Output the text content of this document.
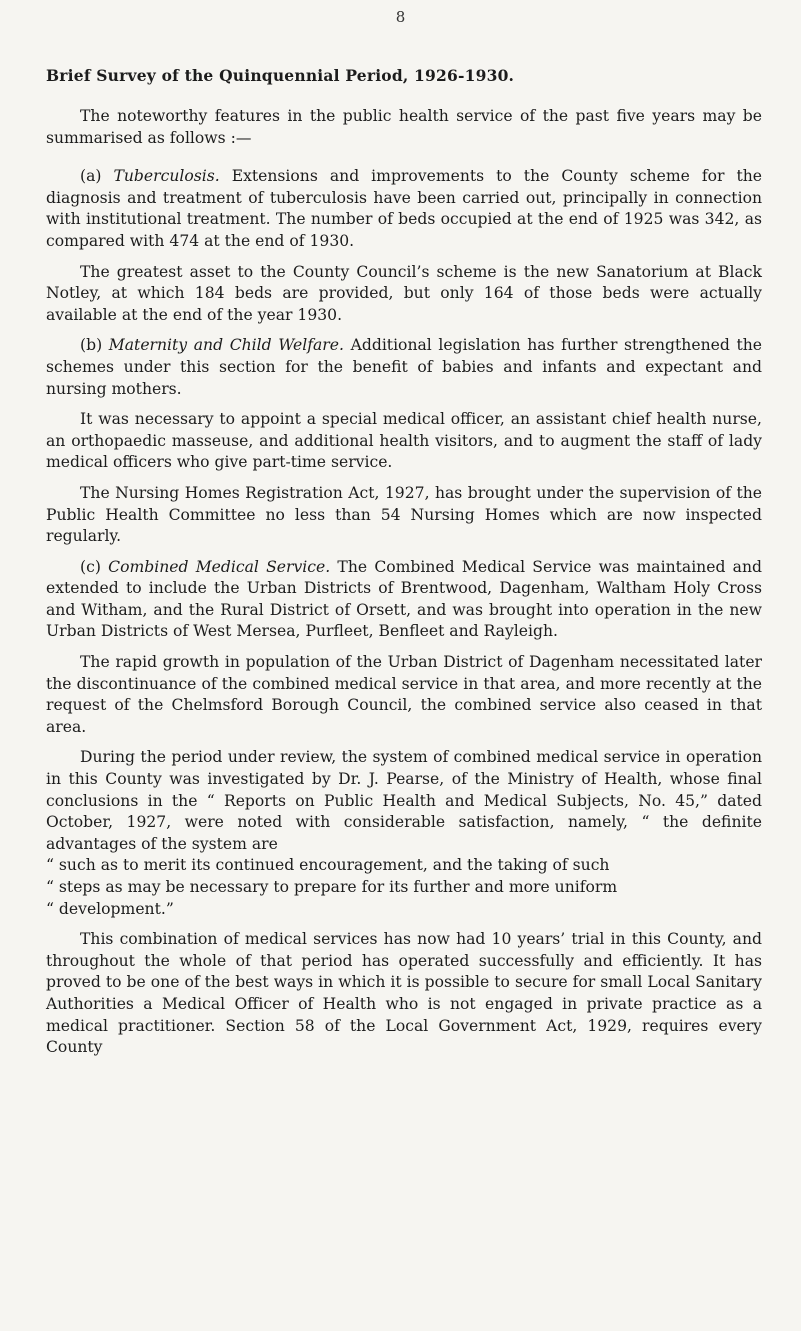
8
Brief Survey of the Quinquennial Period, 1926-1930.

The noteworthy features in the public health service of the past five years may be summarised as follows :—

(a) Tuberculosis. Extensions and improvements to the County scheme for the diagnosis and treatment of tuberculosis have been carried out, principally in connection with institutional treatment. The number of beds occupied at the end of 1925 was 342, as compared with 474 at the end of 1930.

The greatest asset to the County Council’s scheme is the new Sanatorium at Black Notley, at which 184 beds are provided, but only 164 of those beds were actually available at the end of the year 1930.

(b) Maternity and Child Welfare. Additional legislation has further strengthened the schemes under this section for the benefit of babies and infants and expectant and nursing mothers.

It was necessary to appoint a special medical officer, an assistant chief health nurse, an orthopaedic masseuse, and additional health visitors, and to augment the staff of lady medical officers who give part-time service.

The Nursing Homes Registration Act, 1927, has brought under the supervision of the Public Health Committee no less than 54 Nursing Homes which are now inspected regularly.

(c) Combined Medical Service. The Combined Medical Service was maintained and extended to include the Urban Districts of Brentwood, Dagenham, Waltham Holy Cross and Witham, and the Rural District of Orsett, and was brought into operation in the new Urban Districts of West Mersea, Purfleet, Benfleet and Rayleigh.

The rapid growth in population of the Urban District of Dagenham necessitated later the discontinuance of the combined medical service in that area, and more recently at the request of the Chelmsford Borough Council, the combined service also ceased in that area.

During the period under review, the system of combined medical service in operation in this County was investigated by Dr. J. Pearse, of the Ministry of Health, whose final conclusions in the “ Reports on Public Health and Medical Subjects, No. 45,” dated October, 1927, were noted with considerable satisfaction, namely, “ the definite advantages of the system are

“ such as to merit its continued encouragement, and the taking of such

“ steps as may be necessary to prepare for its further and more uniform

“ development.”

This combination of medical services has now had 10 years’ trial in this County, and throughout the whole of that period has operated successfully and efficiently. It has proved to be one of the best ways in which it is possible to secure for small Local Sanitary Authorities a Medical Officer of Health who is not engaged in private practice as a medical practitioner. Section 58 of the Local Government Act, 1929, requires every County
